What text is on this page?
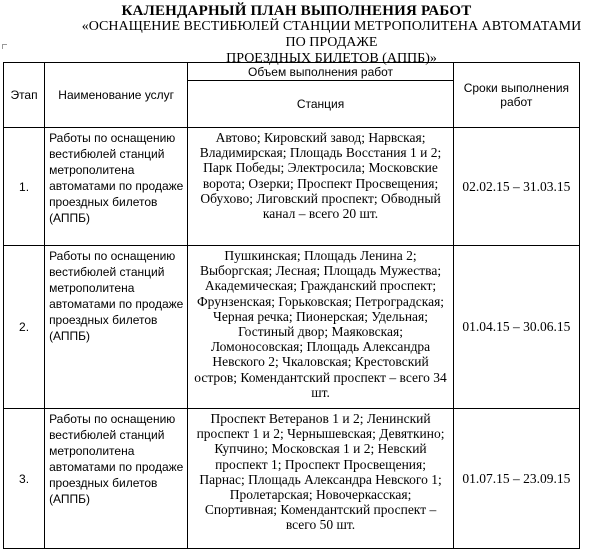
КАЛЕНДАРНЫЙ ПЛАН ВЫПОЛНЕНИЯ РАБОТ
«ОСНАЩЕНИЕ ВЕСТИБЮЛЕЙ СТАНЦИИ МЕТРОПОЛИТЕНА АВТОМАТАМИ ПО ПРОДАЖЕ
ПРОЕЗДНЫХ БИЛЕТОВ (АППБ)»
Этап	Наименование услуг	Объем выполнения работ	Сроки выполнения работ
		Станция	
1.	Работы по оснащению вестибюлей станций метрополитена автоматами по продаже проездных билетов (АППБ)	Автово; Кировский завод; Нарвская; Владимирская; Площадь Восстания 1 и 2; Парк Победы; Электросила; Московские ворота; Озерки; Проспект Просвещения; Обухово; Лиговский проспект; Обводный канал – всего 20 шт.	02.02.15 – 31.03.15
2.	Работы по оснащению вестибюлей станций метрополитена автоматами по продаже проездных билетов (АППБ)	Пушкинская; Площадь Ленина 2; Выборгская; Лесная; Площадь Мужества; Академическая; Гражданский проспект; Фрунзенская; Горьковская; Петроградская; Черная речка; Пионерская; Удельная; Гостиный двор; Маяковская; Ломоносовская; Площадь Александра Невского 2; Чкаловская; Крестовский остров; Комендантский проспект – всего 34 шт.	01.04.15 – 30.06.15
3.	Работы по оснащению вестибюлей станций метрополитена автоматами по продаже проездных билетов (АППБ)	Проспект Ветеранов 1 и 2; Ленинский проспект 1 и 2; Чернышевская; Девяткино; Купчино; Московская 1 и 2; Невский проспект 1; Проспект Просвещения; Парнас; Площадь Александра Невского 1; Пролетарская; Новочеркасская; Спортивная; Комендантский проспект – всего 50 шт.	01.07.15 – 23.09.15
